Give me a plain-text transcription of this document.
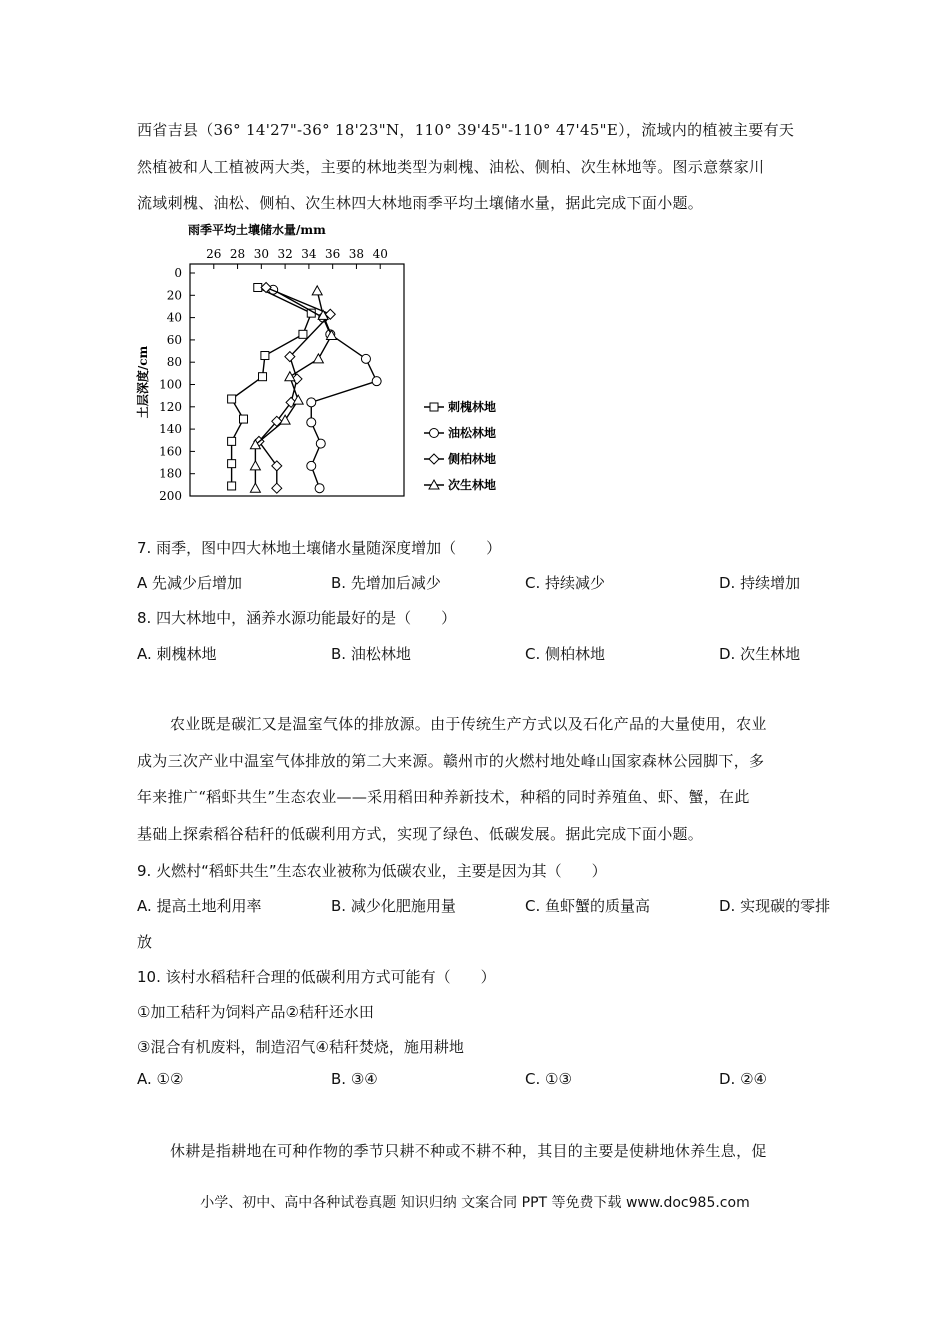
西省吉县（36° 14'27"-36° 18'23"N，110° 39'45"-110° 47'45"E），流域内的植被主要有天
然植被和人工植被两大类，主要的林地类型为刺槐、油松、侧柏、次生林地等。图示意蔡家川
流域刺槐、油松、侧柏、次生林四大林地雨季平均土壤储水量，据此完成下面小题。
雨季平均土壤储水量/mm
土层深度/cm
26 28 30 32 34 36 38 40
0
20
40
60
80
100
120
140
160
180
200
刺槐林地
油松林地
侧柏林地
次生林地
7. 雨季，图中四大林地土壤储水量随深度增加（　　）
A 先减少后增加	B. 先增加后减少	C. 持续减少	D. 持续增加
8. 四大林地中，涵养水源功能最好的是（　　）
A. 刺槐林地	B. 油松林地	C. 侧柏林地	D. 次生林地
农业既是碳汇又是温室气体的排放源。由于传统生产方式以及石化产品的大量使用，农业
成为三次产业中温室气体排放的第二大来源。赣州市的火燃村地处峰山国家森林公园脚下，多
年来推广“稻虾共生”生态农业——采用稻田种养新技术，种稻的同时养殖鱼、虾、蟹，在此
基础上探索稻谷秸秆的低碳利用方式，实现了绿色、低碳发展。据此完成下面小题。
9. 火燃村“稻虾共生”生态农业被称为低碳农业，主要是因为其（　　）
A. 提高土地利用率	B. 减少化肥施用量	C. 鱼虾蟹的质量高	D. 实现碳的零排
放
10. 该村水稻秸秆合理的低碳利用方式可能有（　　）
①加工秸秆为饲料产品②秸秆还水田
③混合有机废料，制造沼气④秸秆焚烧，施用耕地
A. ①②	B. ③④	C. ①③	D. ②④
休耕是指耕地在可种作物的季节只耕不种或不耕不种，其目的主要是使耕地休养生息，促
小学、初中、高中各种试卷真题 知识归纳 文案合同 PPT 等免费下载 www.doc985.com
